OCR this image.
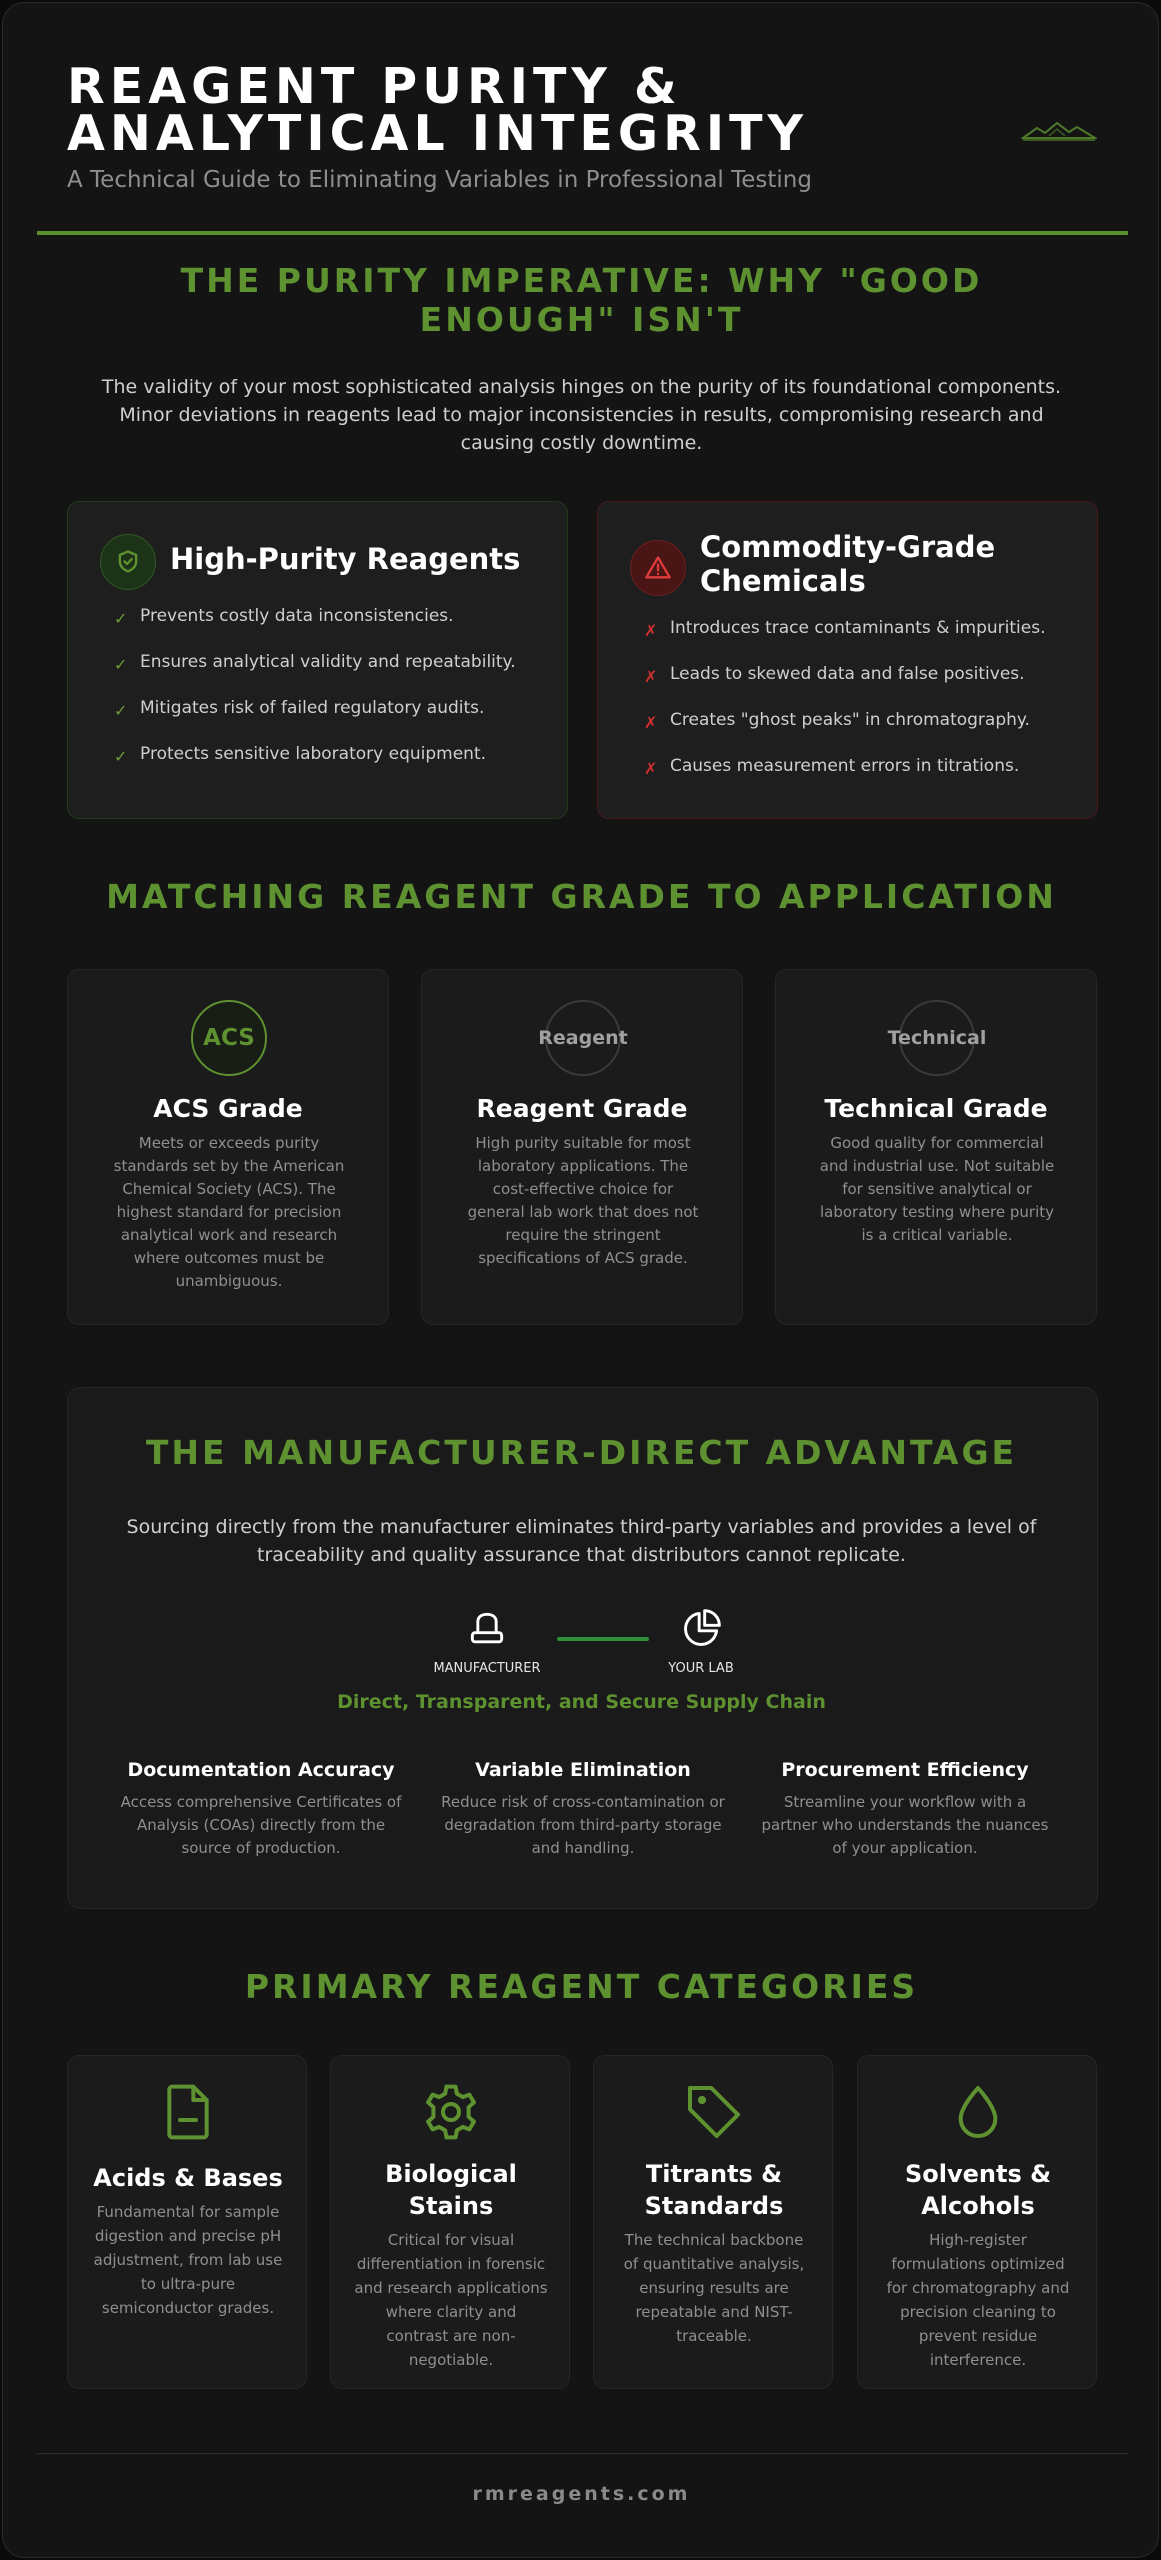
REAGENT PURITY & ANALYTICAL INTEGRITY
A Technical Guide to Eliminating Variables in Professional Testing
THE PURITY IMPERATIVE: WHY "GOOD ENOUGH" ISN'T

The validity of your most sophisticated analysis hinges on the purity of its foundational components. Minor deviations in reagents lead to major inconsistencies in results, compromising research and causing costly downtime.

High-Purity Reagents
✓ Prevents costly data inconsistencies.
✓ Ensures analytical validity and repeatability.
✓ Mitigates risk of failed regulatory audits.
✓ Protects sensitive laboratory equipment.
Commodity-Grade Chemicals
✗ Introduces trace contaminants & impurities.
✗ Leads to skewed data and false positives.
✗ Creates "ghost peaks" in chromatography.
✗ Causes measurement errors in titrations.
MATCHING REAGENT GRADE TO APPLICATION
ACS
ACS Grade
Meets or exceeds purity standards set by the American Chemical Society (ACS). The highest standard for precision analytical work and research where outcomes must be unambiguous.
Reagent
Reagent Grade
High purity suitable for most laboratory applications. The cost-effective choice for general lab work that does not require the stringent specifications of ACS grade.
Technical
Technical Grade
Good quality for commercial and industrial use. Not suitable for sensitive analytical or laboratory testing where purity is a critical variable.
THE MANUFACTURER-DIRECT ADVANTAGE

Sourcing directly from the manufacturer eliminates third-party variables and provides a level of traceability and quality assurance that distributors cannot replicate.

MANUFACTURER	YOUR LAB
Direct, Transparent, and Secure Supply Chain
Documentation Accuracy
Access comprehensive Certificates of Analysis (COAs) directly from the source of production.
Variable Elimination
Reduce risk of cross-contamination or degradation from third-party storage and handling.
Procurement Efficiency
Streamline your workflow with a partner who understands the nuances of your application.
PRIMARY REAGENT CATEGORIES
Acids & Bases
Fundamental for sample digestion and precise pH adjustment, from lab use to ultra-pure semiconductor grades.
Biological Stains
Critical for visual differentiation in forensic and research applications where clarity and contrast are non-negotiable.
Titrants & Standards
The technical backbone of quantitative analysis, ensuring results are repeatable and NIST-traceable.
Solvents & Alcohols
High-register formulations optimized for chromatography and precision cleaning to prevent residue interference.
rmreagents.com
